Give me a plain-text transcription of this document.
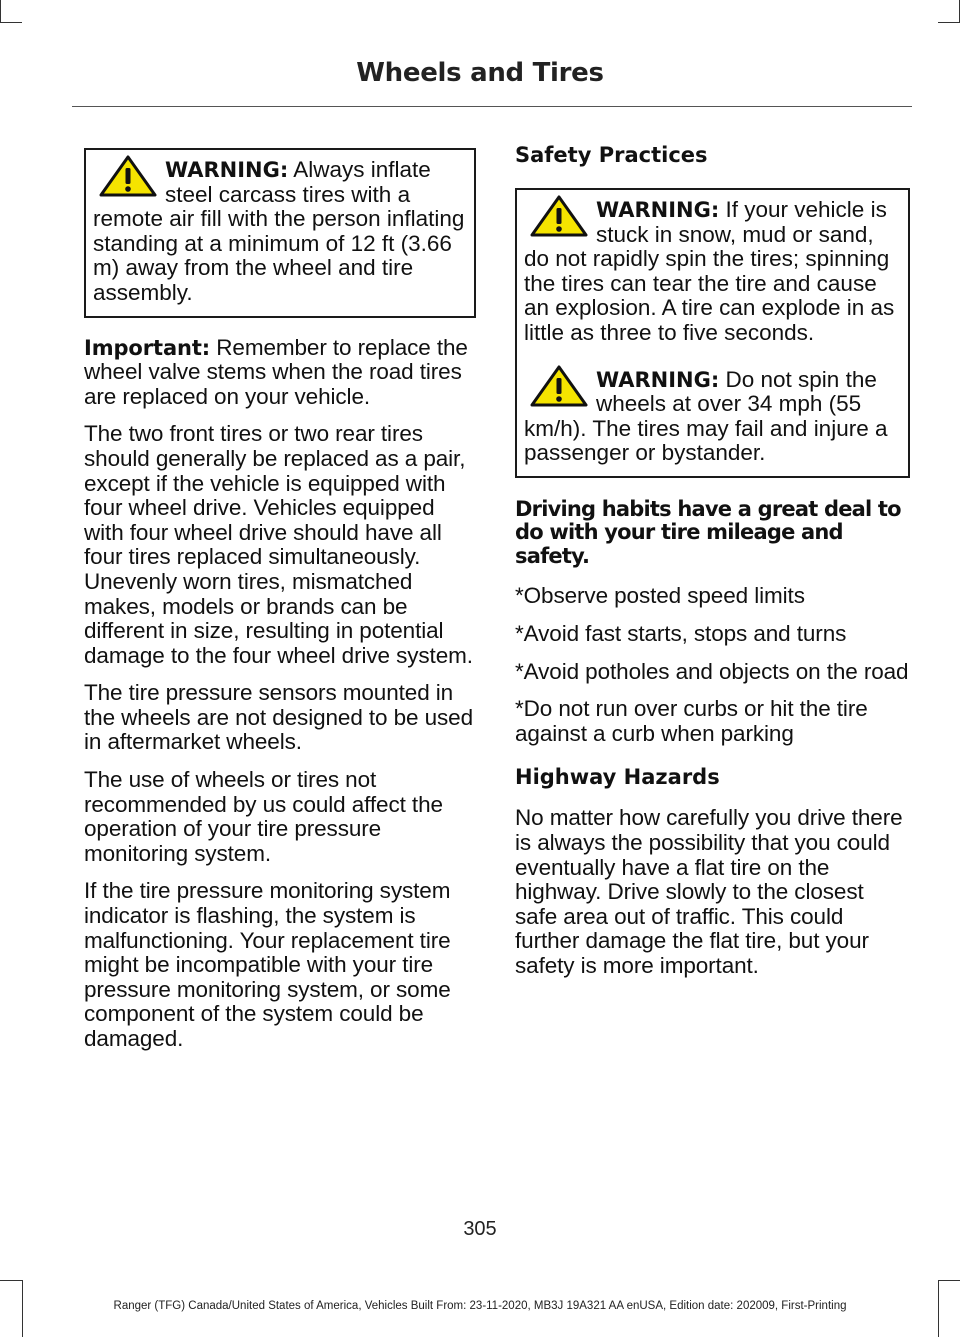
Wheels and Tires
WARNING: Always inflate steel carcass tires with a remote air fill with the person inflating standing at a minimum of 12 ft (3.66 m) away from the wheel and tire assembly.

Important: Remember to replace the wheel valve stems when the road tires are replaced on your vehicle.

The two front tires or two rear tires should generally be replaced as a pair, except if the vehicle is equipped with four wheel drive. Vehicles equipped with four wheel drive should have all four tires replaced simultaneously. Unevenly worn tires, mismatched makes, models or brands can be different in size, resulting in potential damage to the four wheel drive system.

The tire pressure sensors mounted in the wheels are not designed to be used in aftermarket wheels.

The use of wheels or tires not recommended by us could affect the operation of your tire pressure monitoring system.

If the tire pressure monitoring system indicator is flashing, the system is malfunctioning. Your replacement tire might be incompatible with your tire pressure monitoring system, or some component of the system could be damaged.

Safety Practices
WARNING: If your vehicle is stuck in snow, mud or sand, do not rapidly spin the tires; spinning the tires can tear the tire and cause an explosion. A tire can explode in as little as three to five seconds.
WARNING: Do not spin the wheels at over 34 mph (55 km/h). The tires may fail and injure a passenger or bystander.
Driving habits have a great deal to do with your tire mileage and safety.

*Observe posted speed limits

*Avoid fast starts, stops and turns

*Avoid potholes and objects on the road

*Do not run over curbs or hit the tire against a curb when parking

Highway Hazards

No matter how carefully you drive there is always the possibility that you could eventually have a flat tire on the highway. Drive slowly to the closest safe area out of traffic. This could further damage the flat tire, but your safety is more important.

305
Ranger (TFG) Canada/United States of America, Vehicles Built From: 23-11-2020, MB3J 19A321 AA enUSA, Edition date: 202009, First-Printing
